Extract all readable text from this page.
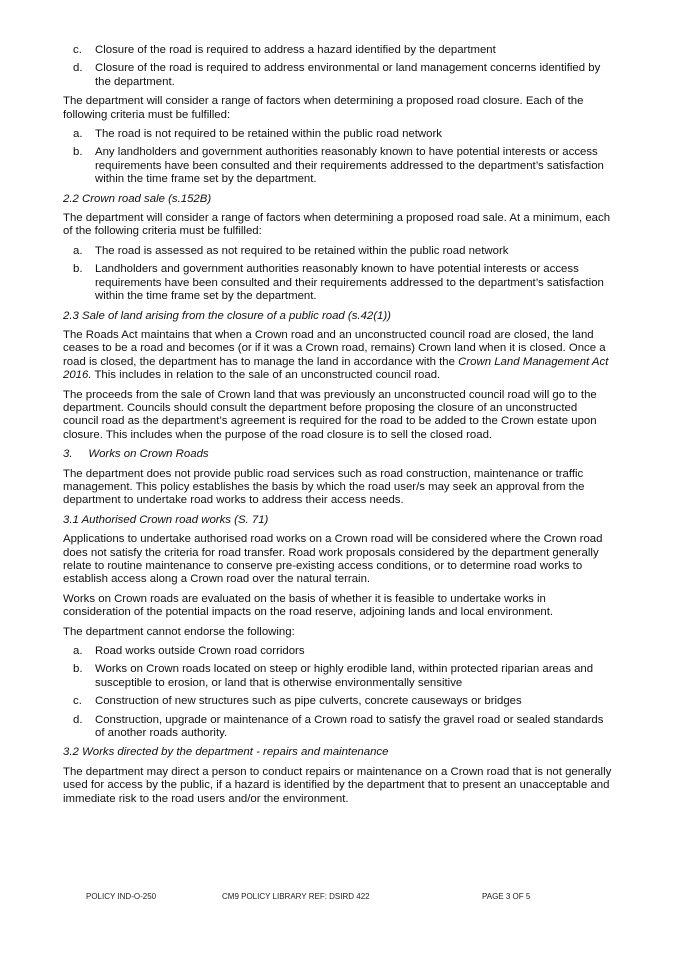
c. Closure of the road is required to address a hazard identified by the department
d. Closure of the road is required to address environmental or land management concerns identified by the department.

The department will consider a range of factors when determining a proposed road closure. Each of the following criteria must be fulfilled:

a. The road is not required to be retained within the public road network
b. Any landholders and government authorities reasonably known to have potential interests or access requirements have been consulted and their requirements addressed to the department’s satisfaction within the time frame set by the department.
2.2 Crown road sale (s.152B)

The department will consider a range of factors when determining a proposed road sale. At a minimum, each of the following criteria must be fulfilled:

a. The road is assessed as not required to be retained within the public road network
b. Landholders and government authorities reasonably known to have potential interests or access requirements have been consulted and their requirements addressed to the department’s satisfaction within the time frame set by the department.
2.3 Sale of land arising from the closure of a public road (s.42(1))

The Roads Act maintains that when a Crown road and an unconstructed council road are closed, the land ceases to be a road and becomes (or if it was a Crown road, remains) Crown land when it is closed. Once a road is closed, the department has to manage the land in accordance with the Crown Land Management Act 2016. This includes in relation to the sale of an unconstructed council road.

The proceeds from the sale of Crown land that was previously an unconstructed council road will go to the department. Councils should consult the department before proposing the closure of an unconstructed council road as the department’s agreement is required for the road to be added to the Crown estate upon closure. This includes when the purpose of the road closure is to sell the closed road.

3. Works on Crown Roads

The department does not provide public road services such as road construction, maintenance or traffic management. This policy establishes the basis by which the road user/s may seek an approval from the department to undertake road works to address their access needs.

3.1 Authorised Crown road works (S. 71)

Applications to undertake authorised road works on a Crown road will be considered where the Crown road does not satisfy the criteria for road transfer. Road work proposals considered by the department generally relate to routine maintenance to conserve pre-existing access conditions, or to determine road works to establish access along a Crown road over the natural terrain.

Works on Crown roads are evaluated on the basis of whether it is feasible to undertake works in consideration of the potential impacts on the road reserve, adjoining lands and local environment.

The department cannot endorse the following:

a. Road works outside Crown road corridors
b. Works on Crown roads located on steep or highly erodible land, within protected riparian areas and susceptible to erosion, or land that is otherwise environmentally sensitive
c. Construction of new structures such as pipe culverts, concrete causeways or bridges
d. Construction, upgrade or maintenance of a Crown road to satisfy the gravel road or sealed standards of another roads authority.
3.2 Works directed by the department - repairs and maintenance

The department may direct a person to conduct repairs or maintenance on a Crown road that is not generally used for access by the public, if a hazard is identified by the department that to present an unacceptable and immediate risk to the road users and/or the environment.

POLICY IND-O-250	CM9 POLICY LIBRARY REF: DSIRD 422	PAGE 3 OF 5
